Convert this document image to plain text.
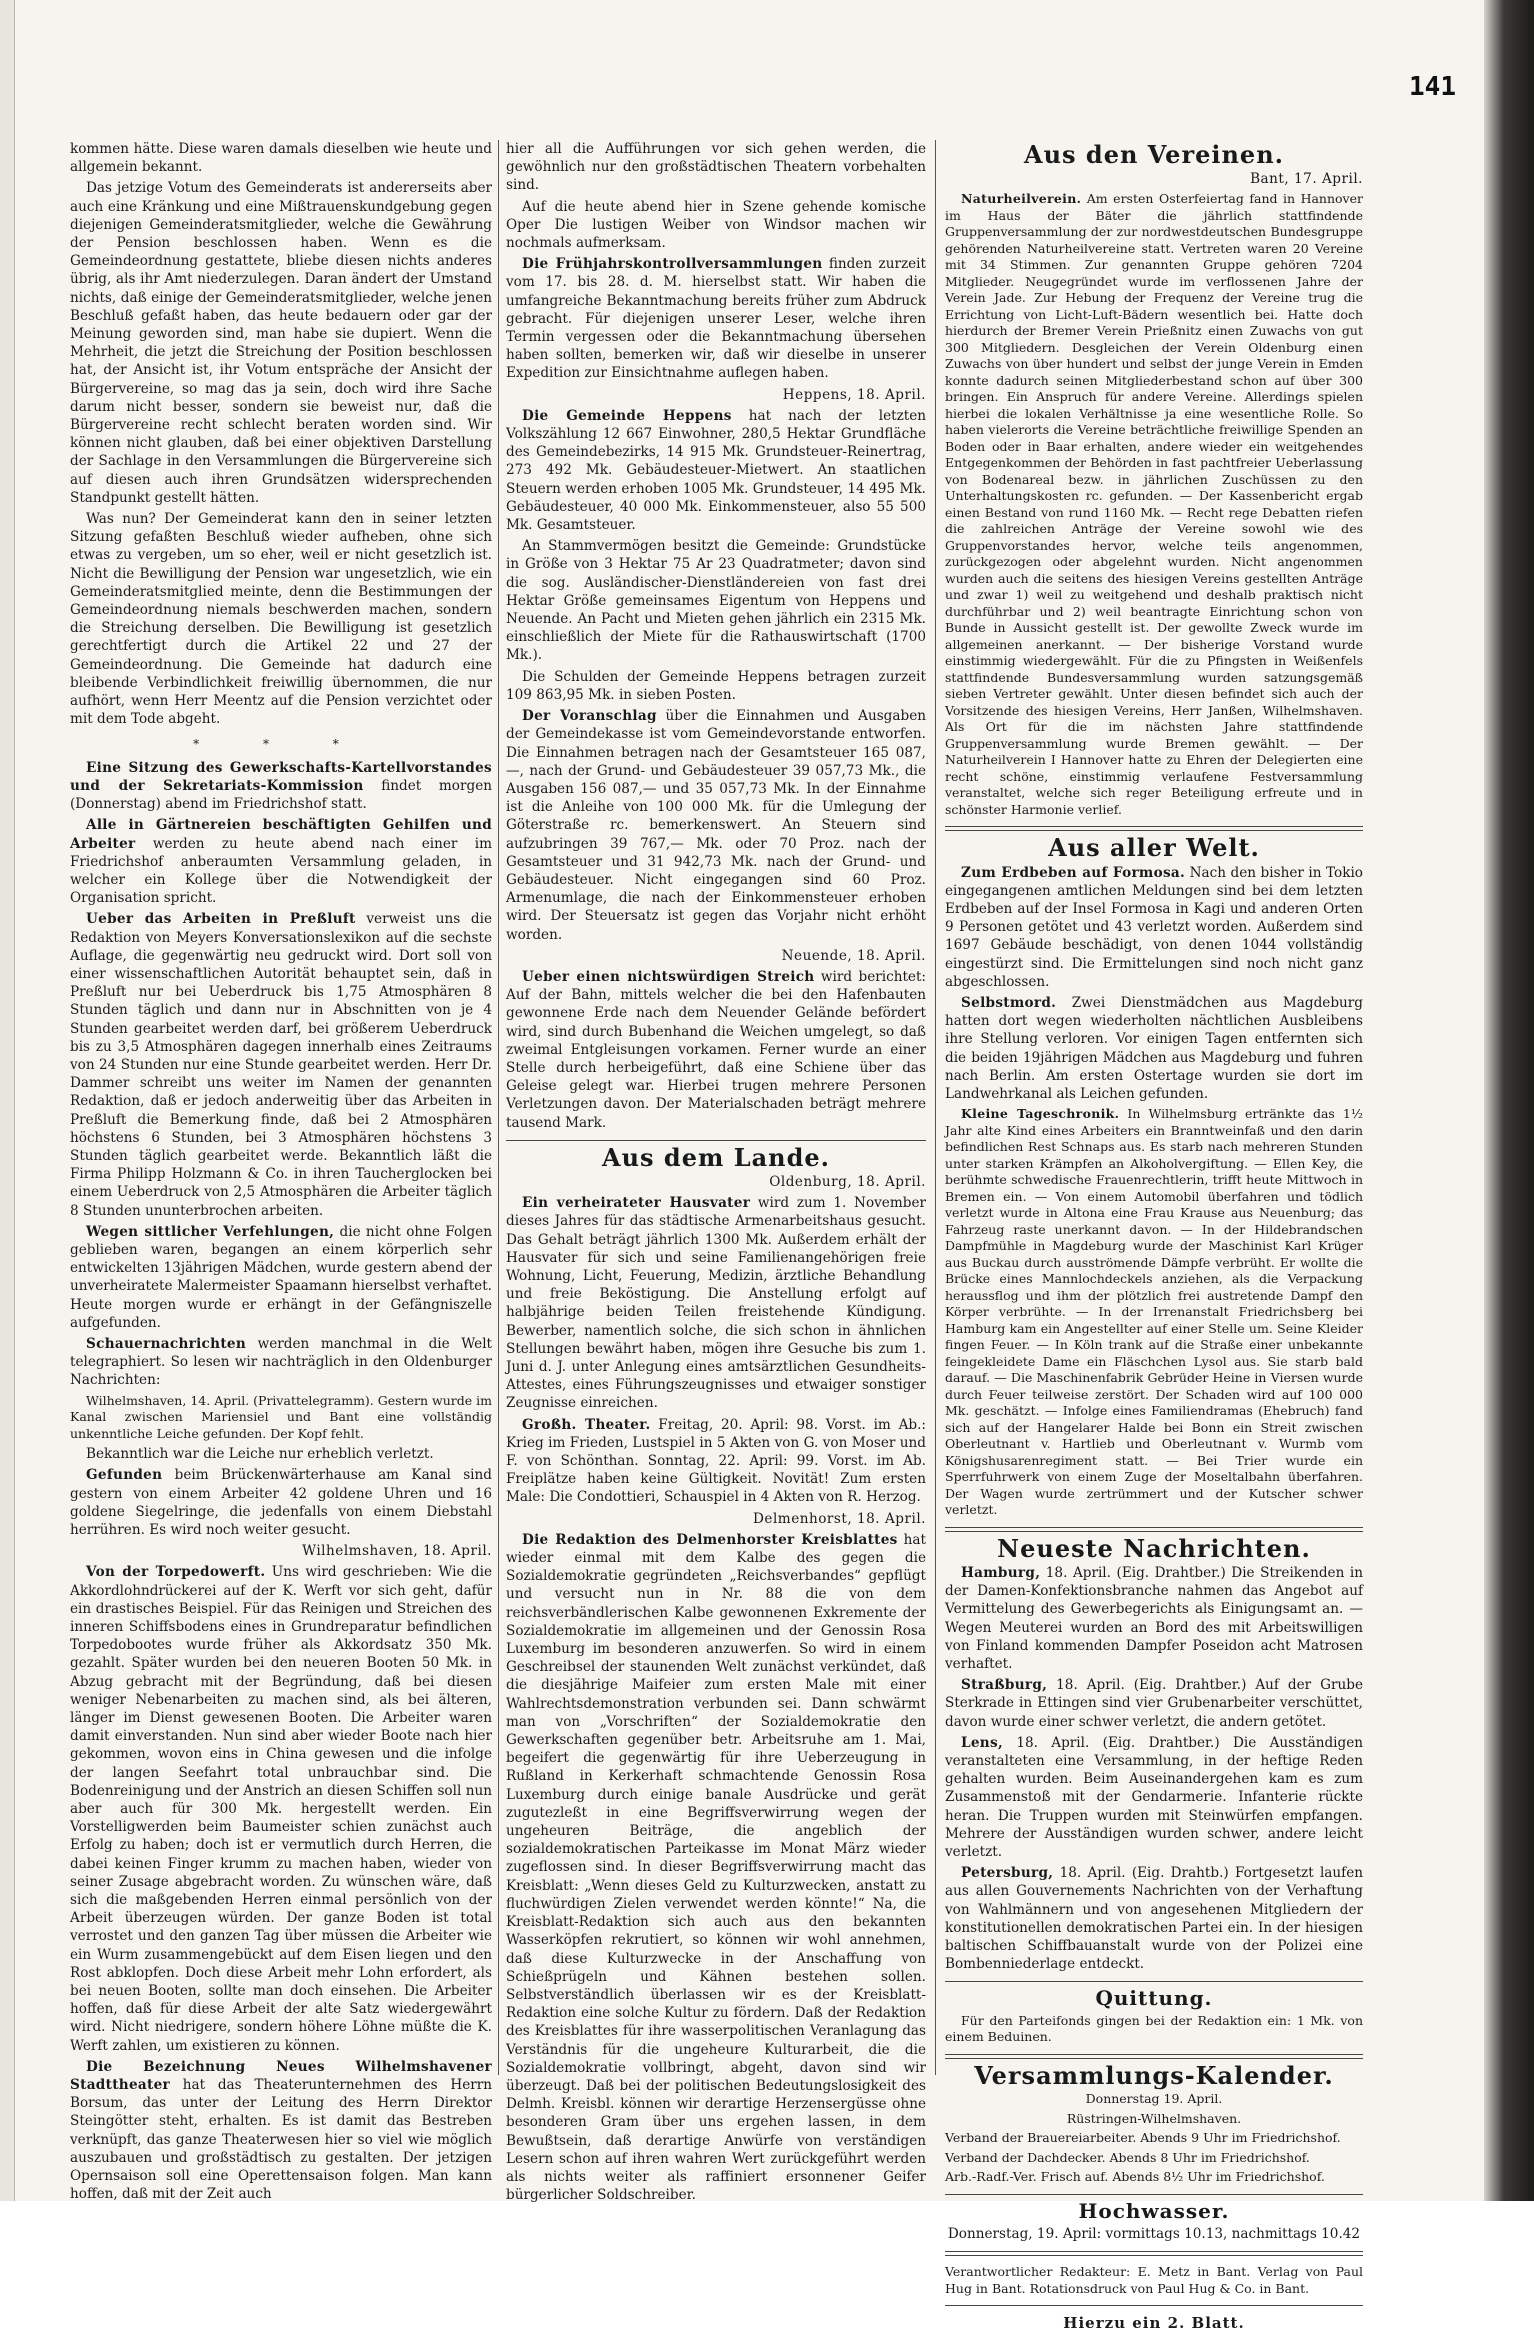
141

kommen hätte. Diese waren damals dieselben wie heute und allgemein bekannt.

Das jetzige Votum des Gemeinderats ist andererseits aber auch eine Kränkung und eine Mißtrauenskundgebung gegen diejenigen Gemeinderatsmitglieder, welche die Gewährung der Pension beschlossen haben. Wenn es die Gemeindeordnung gestattete, bliebe diesen nichts anderes übrig, als ihr Amt niederzulegen. Daran ändert der Umstand nichts, daß einige der Gemeinderatsmitglieder, welche jenen Beschluß gefaßt haben, das heute bedauern oder gar der Meinung geworden sind, man habe sie dupiert. Wenn die Mehrheit, die jetzt die Streichung der Position beschlossen hat, der Ansicht ist, ihr Votum entspräche der Ansicht der Bürgervereine, so mag das ja sein, doch wird ihre Sache darum nicht besser, sondern sie beweist nur, daß die Bürgervereine recht schlecht beraten worden sind. Wir können nicht glauben, daß bei einer objektiven Darstellung der Sachlage in den Versammlungen die Bürgervereine sich auf diesen auch ihren Grundsätzen widersprechenden Standpunkt gestellt hätten.

Was nun? Der Gemeinderat kann den in seiner letzten Sitzung gefaßten Beschluß wieder aufheben, ohne sich etwas zu vergeben, um so eher, weil er nicht gesetzlich ist. Nicht die Bewilligung der Pension war ungesetzlich, wie ein Gemeinderatsmitglied meinte, denn die Bestimmungen der Gemeindeordnung niemals beschwerden machen, sondern die Streichung derselben. Die Bewilligung ist gesetzlich gerechtfertigt durch die Artikel 22 und 27 der Gemeindeordnung. Die Gemeinde hat dadurch eine bleibende Verbindlichkeit freiwillig übernommen, die nur aufhört, wenn Herr Meentz auf die Pension verzichtet oder mit dem Tode abgeht.

* * *

Eine Sitzung des Gewerkschafts-Kartellvorstandes und der Sekretariats-Kommission findet morgen (Donnerstag) abend im Friedrichshof statt.

Alle in Gärtnereien beschäftigten Gehilfen und Arbeiter werden zu heute abend nach einer im Friedrichshof anberaumten Versammlung geladen, in welcher ein Kollege über die Notwendigkeit der Organisation spricht.

Ueber das Arbeiten in Preßluft verweist uns die Redaktion von Meyers Konversationslexikon auf die sechste Auflage, die gegenwärtig neu gedruckt wird. Dort soll von einer wissenschaftlichen Autorität behauptet sein, daß in Preßluft nur bei Ueberdruck bis 1,75 Atmosphären 8 Stunden täglich und dann nur in Abschnitten von je 4 Stunden gearbeitet werden darf, bei größerem Ueberdruck bis zu 3,5 Atmosphären dagegen innerhalb eines Zeitraums von 24 Stunden nur eine Stunde gearbeitet werden. Herr Dr. Dammer schreibt uns weiter im Namen der genannten Redaktion, daß er jedoch anderweitig über das Arbeiten in Preßluft die Bemerkung finde, daß bei 2 Atmosphären höchstens 6 Stunden, bei 3 Atmosphären höchstens 3 Stunden täglich gearbeitet werde. Bekanntlich läßt die Firma Philipp Holzmann & Co. in ihren Taucherglocken bei einem Ueberdruck von 2,5 Atmosphären die Arbeiter täglich 8 Stunden ununterbrochen arbeiten.

Wegen sittlicher Verfehlungen, die nicht ohne Folgen geblieben waren, begangen an einem körperlich sehr entwickelten 13jährigen Mädchen, wurde gestern abend der unverheiratete Malermeister Spaamann hierselbst verhaftet. Heute morgen wurde er erhängt in der Gefängniszelle aufgefunden.

Schauernachrichten werden manchmal in die Welt telegraphiert. So lesen wir nachträglich in den Oldenburger Nachrichten:

Wilhelmshaven, 14. April. (Privattelegramm). Gestern wurde im Kanal zwischen Mariensiel und Bant eine vollständig unkenntliche Leiche gefunden. Der Kopf fehlt.

Bekanntlich war die Leiche nur erheblich verletzt.

Gefunden beim Brückenwärterhause am Kanal sind gestern von einem Arbeiter 42 goldene Uhren und 16 goldene Siegelringe, die jedenfalls von einem Diebstahl herrühren. Es wird noch weiter gesucht.

Wilhelmshaven, 18. April.

Von der Torpedowerft. Uns wird geschrieben: Wie die Akkordlohndrückerei auf der K. Werft vor sich geht, dafür ein drastisches Beispiel. Für das Reinigen und Streichen des inneren Schiffsbodens eines in Grundreparatur befindlichen Torpedobootes wurde früher als Akkordsatz 350 Mk. gezahlt. Später wurden bei den neueren Booten 50 Mk. in Abzug gebracht mit der Begründung, daß bei diesen weniger Nebenarbeiten zu machen sind, als bei älteren, länger im Dienst gewesenen Booten. Die Arbeiter waren damit einverstanden. Nun sind aber wieder Boote nach hier gekommen, wovon eins in China gewesen und die infolge der langen Seefahrt total unbrauchbar sind. Die Bodenreinigung und der Anstrich an diesen Schiffen soll nun aber auch für 300 Mk. hergestellt werden. Ein Vorstelligwerden beim Baumeister schien zunächst auch Erfolg zu haben; doch ist er vermutlich durch Herren, die dabei keinen Finger krumm zu machen haben, wieder von seiner Zusage abgebracht worden. Zu wünschen wäre, daß sich die maßgebenden Herren einmal persönlich von der Arbeit überzeugen würden. Der ganze Boden ist total verrostet und den ganzen Tag über müssen die Arbeiter wie ein Wurm zusammengebückt auf dem Eisen liegen und den Rost abklopfen. Doch diese Arbeit mehr Lohn erfordert, als bei neuen Booten, sollte man doch einsehen. Die Arbeiter hoffen, daß für diese Arbeit der alte Satz wiedergewährt wird. Nicht niedrigere, sondern höhere Löhne müßte die K. Werft zahlen, um existieren zu können.

Die Bezeichnung Neues Wilhelmshavener Stadttheater hat das Theaterunternehmen des Herrn Borsum, das unter der Leitung des Herrn Direktor Steingötter steht, erhalten. Es ist damit das Bestreben verknüpft, das ganze Theaterwesen hier so viel wie möglich auszubauen und großstädtisch zu gestalten. Der jetzigen Opernsaison soll eine Operettensaison folgen. Man kann hoffen, daß mit der Zeit auch

hier all die Aufführungen vor sich gehen werden, die gewöhnlich nur den großstädtischen Theatern vorbehalten sind.

Auf die heute abend hier in Szene gehende komische Oper Die lustigen Weiber von Windsor machen wir nochmals aufmerksam.

Die Frühjahrskontrollversammlungen finden zurzeit vom 17. bis 28. d. M. hierselbst statt. Wir haben die umfangreiche Bekanntmachung bereits früher zum Abdruck gebracht. Für diejenigen unserer Leser, welche ihren Termin vergessen oder die Bekanntmachung übersehen haben sollten, bemerken wir, daß wir dieselbe in unserer Expedition zur Einsichtnahme auflegen haben.

Heppens, 18. April.

Die Gemeinde Heppens hat nach der letzten Volkszählung 12 667 Einwohner, 280,5 Hektar Grundfläche des Gemeindebezirks, 14 915 Mk. Grundsteuer-Reinertrag, 273 492 Mk. Gebäudesteuer-Mietwert. An staatlichen Steuern werden erhoben 1005 Mk. Grundsteuer, 14 495 Mk. Gebäudesteuer, 40 000 Mk. Einkommensteuer, also 55 500 Mk. Gesamtsteuer.

An Stammvermögen besitzt die Gemeinde: Grundstücke in Größe von 3 Hektar 75 Ar 23 Quadratmeter; davon sind die sog. Ausländischer-Dienstländereien von fast drei Hektar Größe gemeinsames Eigentum von Heppens und Neuende. An Pacht und Mieten gehen jährlich ein 2315 Mk. einschließlich der Miete für die Rathauswirtschaft (1700 Mk.).

Die Schulden der Gemeinde Heppens betragen zurzeit 109 863,95 Mk. in sieben Posten.

Der Voranschlag über die Einnahmen und Ausgaben der Gemeindekasse ist vom Gemeindevorstande entworfen. Die Einnahmen betragen nach der Gesamtsteuer 165 087,—, nach der Grund- und Gebäudesteuer 39 057,73 Mk., die Ausgaben 156 087,— und 35 057,73 Mk. In der Einnahme ist die Anleihe von 100 000 Mk. für die Umlegung der Göterstraße rc. bemerkenswert. An Steuern sind aufzubringen 39 767,— Mk. oder 70 Proz. nach der Gesamtsteuer und 31 942,73 Mk. nach der Grund- und Gebäudesteuer. Nicht eingegangen sind 60 Proz. Armenumlage, die nach der Einkommensteuer erhoben wird. Der Steuersatz ist gegen das Vorjahr nicht erhöht worden.

Neuende, 18. April.

Ueber einen nichtswürdigen Streich wird berichtet: Auf der Bahn, mittels welcher die bei den Hafenbauten gewonnene Erde nach dem Neuender Gelände befördert wird, sind durch Bubenhand die Weichen umgelegt, so daß zweimal Entgleisungen vorkamen. Ferner wurde an einer Stelle durch herbeigeführt, daß eine Schiene über das Geleise gelegt war. Hierbei trugen mehrere Personen Verletzungen davon. Der Materialschaden beträgt mehrere tausend Mark.

Aus dem Lande.
Oldenburg, 18. April.

Ein verheirateter Hausvater wird zum 1. November dieses Jahres für das städtische Armenarbeitshaus gesucht. Das Gehalt beträgt jährlich 1300 Mk. Außerdem erhält der Hausvater für sich und seine Familienangehörigen freie Wohnung, Licht, Feuerung, Medizin, ärztliche Behandlung und freie Beköstigung. Die Anstellung erfolgt auf halbjährige beiden Teilen freistehende Kündigung. Bewerber, namentlich solche, die sich schon in ähnlichen Stellungen bewährt haben, mögen ihre Gesuche bis zum 1. Juni d. J. unter Anlegung eines amtsärztlichen Gesundheits-Attestes, eines Führungszeugnisses und etwaiger sonstiger Zeugnisse einreichen.

Großh. Theater. Freitag, 20. April: 98. Vorst. im Ab.: Krieg im Frieden, Lustspiel in 5 Akten von G. von Moser und F. von Schönthan. Sonntag, 22. April: 99. Vorst. im Ab. Freiplätze haben keine Gültigkeit. Novität! Zum ersten Male: Die Condottieri, Schauspiel in 4 Akten von R. Herzog.

Delmenhorst, 18. April.

Die Redaktion des Delmenhorster Kreisblattes hat wieder einmal mit dem Kalbe des gegen die Sozialdemokratie gegründeten „Reichsverbandes“ gepflügt und versucht nun in Nr. 88 die von dem reichsverbändlerischen Kalbe gewonnenen Exkremente der Sozialdemokratie im allgemeinen und der Genossin Rosa Luxemburg im besonderen anzuwerfen. So wird in einem Geschreibsel der staunenden Welt zunächst verkündet, daß die diesjährige Maifeier zum ersten Male mit einer Wahlrechtsdemonstration verbunden sei. Dann schwärmt man von „Vorschriften“ der Sozialdemokratie den Gewerkschaften gegenüber betr. Arbeitsruhe am 1. Mai, begeifert die gegenwärtig für ihre Ueberzeugung in Rußland in Kerkerhaft schmachtende Genossin Rosa Luxemburg durch einige banale Ausdrücke und gerät zugutezleßt in eine Begriffsverwirrung wegen der ungeheuren Beiträge, die angeblich der sozialdemokratischen Parteikasse im Monat März wieder zugeflossen sind. In dieser Begriffsverwirrung macht das Kreisblatt: „Wenn dieses Geld zu Kulturzwecken, anstatt zu fluchwürdigen Zielen verwendet werden könnte!“ Na, die Kreisblatt-Redaktion sich auch aus den bekannten Wasserköpfen rekrutiert, so können wir wohl annehmen, daß diese Kulturzwecke in der Anschaffung von Schießprügeln und Kähnen bestehen sollen. Selbstverständlich überlassen wir es der Kreisblatt-Redaktion eine solche Kultur zu fördern. Daß der Redaktion des Kreisblattes für ihre wasserpolitischen Veranlagung das Verständnis für die ungeheure Kulturarbeit, die die Sozialdemokratie vollbringt, abgeht, davon sind wir überzeugt. Daß bei der politischen Bedeutungslosigkeit des Delmh. Kreisbl. können wir derartige Herzensergüsse ohne besonderen Gram über uns ergehen lassen, in dem Bewußtsein, daß derartige Anwürfe von verständigen Lesern schon auf ihren wahren Wert zurückgeführt werden als nichts weiter als raffiniert ersonnener Geifer bürgerlicher Soldschreiber.

Aus den Vereinen.
Bant, 17. April.

Naturheilverein. Am ersten Osterfeiertag fand in Hannover im Haus der Bäter die jährlich stattfindende Gruppenversammlung der zur nordwestdeutschen Bundesgruppe gehörenden Naturheilvereine statt. Vertreten waren 20 Vereine mit 34 Stimmen. Zur genannten Gruppe gehören 7204 Mitglieder. Neugegründet wurde im verflossenen Jahre der Verein Jade. Zur Hebung der Frequenz der Vereine trug die Errichtung von Licht-Luft-Bädern wesentlich bei. Hatte doch hierdurch der Bremer Verein Prießnitz einen Zuwachs von gut 300 Mitgliedern. Desgleichen der Verein Oldenburg einen Zuwachs von über hundert und selbst der junge Verein in Emden konnte dadurch seinen Mitgliederbestand schon auf über 300 bringen. Ein Anspruch für andere Vereine. Allerdings spielen hierbei die lokalen Verhältnisse ja eine wesentliche Rolle. So haben vielerorts die Vereine beträchtliche freiwillige Spenden an Boden oder in Baar erhalten, andere wieder ein weitgehendes Entgegenkommen der Behörden in fast pachtfreier Ueberlassung von Bodenareal bezw. in jährlichen Zuschüssen zu den Unterhaltungskosten rc. gefunden. — Der Kassenbericht ergab einen Bestand von rund 1160 Mk. — Recht rege Debatten riefen die zahlreichen Anträge der Vereine sowohl wie des Gruppenvorstandes hervor, welche teils angenommen, zurückgezogen oder abgelehnt wurden. Nicht angenommen wurden auch die seitens des hiesigen Vereins gestellten Anträge und zwar 1) weil zu weitgehend und deshalb praktisch nicht durchführbar und 2) weil beantragte Einrichtung schon von Bunde in Aussicht gestellt ist. Der gewollte Zweck wurde im allgemeinen anerkannt. — Der bisherige Vorstand wurde einstimmig wiedergewählt. Für die zu Pfingsten in Weißenfels stattfindende Bundesversammlung wurden satzungsgemäß sieben Vertreter gewählt. Unter diesen befindet sich auch der Vorsitzende des hiesigen Vereins, Herr Janßen, Wilhelmshaven. Als Ort für die im nächsten Jahre stattfindende Gruppenversammlung wurde Bremen gewählt. — Der Naturheilverein I Hannover hatte zu Ehren der Delegierten eine recht schöne, einstimmig verlaufene Festversammlung veranstaltet, welche sich reger Beteiligung erfreute und in schönster Harmonie verlief.

Aus aller Welt.

Zum Erdbeben auf Formosa. Nach den bisher in Tokio eingegangenen amtlichen Meldungen sind bei dem letzten Erdbeben auf der Insel Formosa in Kagi und anderen Orten 9 Personen getötet und 43 verletzt worden. Außerdem sind 1697 Gebäude beschädigt, von denen 1044 vollständig eingestürzt sind. Die Ermittelungen sind noch nicht ganz abgeschlossen.

Selbstmord. Zwei Dienstmädchen aus Magdeburg hatten dort wegen wiederholten nächtlichen Ausbleibens ihre Stellung verloren. Vor einigen Tagen entfernten sich die beiden 19jährigen Mädchen aus Magdeburg und fuhren nach Berlin. Am ersten Ostertage wurden sie dort im Landwehrkanal als Leichen gefunden.

Kleine Tageschronik. In Wilhelmsburg ertränkte das 1½ Jahr alte Kind eines Arbeiters ein Branntweinfaß und den darin befindlichen Rest Schnaps aus. Es starb nach mehreren Stunden unter starken Krämpfen an Alkoholvergiftung. — Ellen Key, die berühmte schwedische Frauenrechtlerin, trifft heute Mittwoch in Bremen ein. — Von einem Automobil überfahren und tödlich verletzt wurde in Altona eine Frau Krause aus Neuenburg; das Fahrzeug raste unerkannt davon. — In der Hildebrandschen Dampfmühle in Magdeburg wurde der Maschinist Karl Krüger aus Buckau durch ausströmende Dämpfe verbrüht. Er wollte die Brücke eines Mannlochdeckels anziehen, als die Verpackung heraussflog und ihm der plötzlich frei austretende Dampf den Körper verbrühte. — In der Irrenanstalt Friedrichsberg bei Hamburg kam ein Angestellter auf einer Stelle um. Seine Kleider fingen Feuer. — In Köln trank auf die Straße einer unbekannte feingekleidete Dame ein Fläschchen Lysol aus. Sie starb bald darauf. — Die Maschinenfabrik Gebrüder Heine in Viersen wurde durch Feuer teilweise zerstört. Der Schaden wird auf 100 000 Mk. geschätzt. — Infolge eines Familiendramas (Ehebruch) fand sich auf der Hangelarer Halde bei Bonn ein Streit zwischen Oberleutnant v. Hartlieb und Oberleutnant v. Wurmb vom Königshusarenregiment statt. — Bei Trier wurde ein Sperrfuhrwerk von einem Zuge der Moseltalbahn überfahren. Der Wagen wurde zertrümmert und der Kutscher schwer verletzt.

Neueste Nachrichten.

Hamburg, 18. April. (Eig. Drahtber.) Die Streikenden in der Damen-Konfektionsbranche nahmen das Angebot auf Vermittelung des Gewerbegerichts als Einigungsamt an. — Wegen Meuterei wurden an Bord des mit Arbeitswilligen von Finland kommenden Dampfer Poseidon acht Matrosen verhaftet.

Straßburg, 18. April. (Eig. Drahtber.) Auf der Grube Sterkrade in Ettingen sind vier Grubenarbeiter verschüttet, davon wurde einer schwer verletzt, die andern getötet.

Lens, 18. April. (Eig. Drahtber.) Die Ausständigen veranstalteten eine Versammlung, in der heftige Reden gehalten wurden. Beim Auseinandergehen kam es zum Zusammenstoß mit der Gendarmerie. Infanterie rückte heran. Die Truppen wurden mit Steinwürfen empfangen. Mehrere der Ausständigen wurden schwer, andere leicht verletzt.

Petersburg, 18. April. (Eig. Drahtb.) Fortgesetzt laufen aus allen Gouvernements Nachrichten von der Verhaftung von Wahlmännern und von angesehenen Mitgliedern der konstitutionellen demokratischen Partei ein. In der hiesigen baltischen Schiffbauanstalt wurde von der Polizei eine Bombenniederlage entdeckt.

Quittung.

Für den Parteifonds gingen bei der Redaktion ein: 1 Mk. von einem Beduinen.

Versammlungs-Kalender.

Donnerstag 19. April.

Rüstringen-Wilhelmshaven.

Verband der Brauereiarbeiter. Abends 9 Uhr im Friedrichshof.

Verband der Dachdecker. Abends 8 Uhr im Friedrichshof.

Arb.-Radf.-Ver. Frisch auf. Abends 8½ Uhr im Friedrichshof.

Hochwasser.

Donnerstag, 19. April: vormittags 10.13, nachmittags 10.42

Verantwortlicher Redakteur: E. Metz in Bant. Verlag von Paul Hug in Bant. Rotationsdruck von Paul Hug & Co. in Bant.

Hierzu ein 2. Blatt.
